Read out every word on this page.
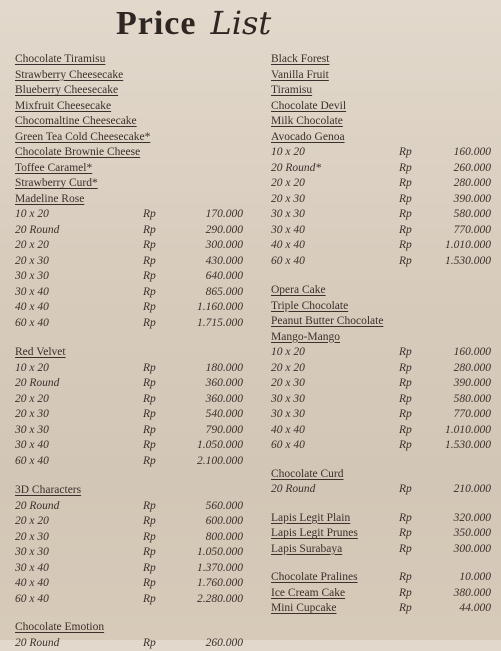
Price List
Chocolate Tiramisu
Strawberry Cheesecake
Blueberry Cheesecake
Mixfruit Cheesecake
Chocomaltine Cheesecake
Green Tea Cold Cheesecake*
Chocolate Brownie Cheese
Toffee Caramel*
Strawberry Curd*
Madeline Rose
10 x 20	Rp	170.000
20 Round	Rp	290.000
20 x 20	Rp	300.000
20 x 30	Rp	430.000
30 x 30	Rp	640.000
30 x 40	Rp	865.000
40 x 40	Rp	1.160.000
60 x 40	Rp	1.715.000
Red Velvet
10 x 20	Rp	180.000
20 Round	Rp	360.000
20 x 20	Rp	360.000
20 x 30	Rp	540.000
30 x 30	Rp	790.000
30 x 40	Rp	1.050.000
60 x 40	Rp	2.100.000
3D Characters
20 Round	Rp	560.000
20 x 20	Rp	600.000
20 x 30	Rp	800.000
30 x 30	Rp	1.050.000
30 x 40	Rp	1.370.000
40 x 40	Rp	1.760.000
60 x 40	Rp	2.280.000
Chocolate Emotion
20 Round	Rp	260.000
Black Forest
Vanilla Fruit
Tiramisu
Chocolate Devil
Milk Chocolate
Avocado Genoa
10 x 20	Rp	160.000
20 Round*	Rp	260.000
20 x 20	Rp	280.000
20 x 30	Rp	390.000
30 x 30	Rp	580.000
30 x 40	Rp	770.000
40 x 40	Rp	1.010.000
60 x 40	Rp	1.530.000
Opera Cake
Triple Chocolate
Peanut Butter Chocolate
Mango-Mango
10 x 20	Rp	160.000
20 x 20	Rp	280.000
20 x 30	Rp	390.000
30 x 30	Rp	580.000
30 x 30	Rp	770.000
40 x 40	Rp	1.010.000
60 x 40	Rp	1.530.000
Chocolate Curd
20 Round	Rp	210.000
Lapis Legit Plain	Rp	320.000
Lapis Legit Prunes	Rp	350.000
Lapis Surabaya	Rp	300.000
Chocolate Pralines	Rp	10.000
Ice Cream Cake	Rp	380.000
Mini Cupcake	Rp	44.000
